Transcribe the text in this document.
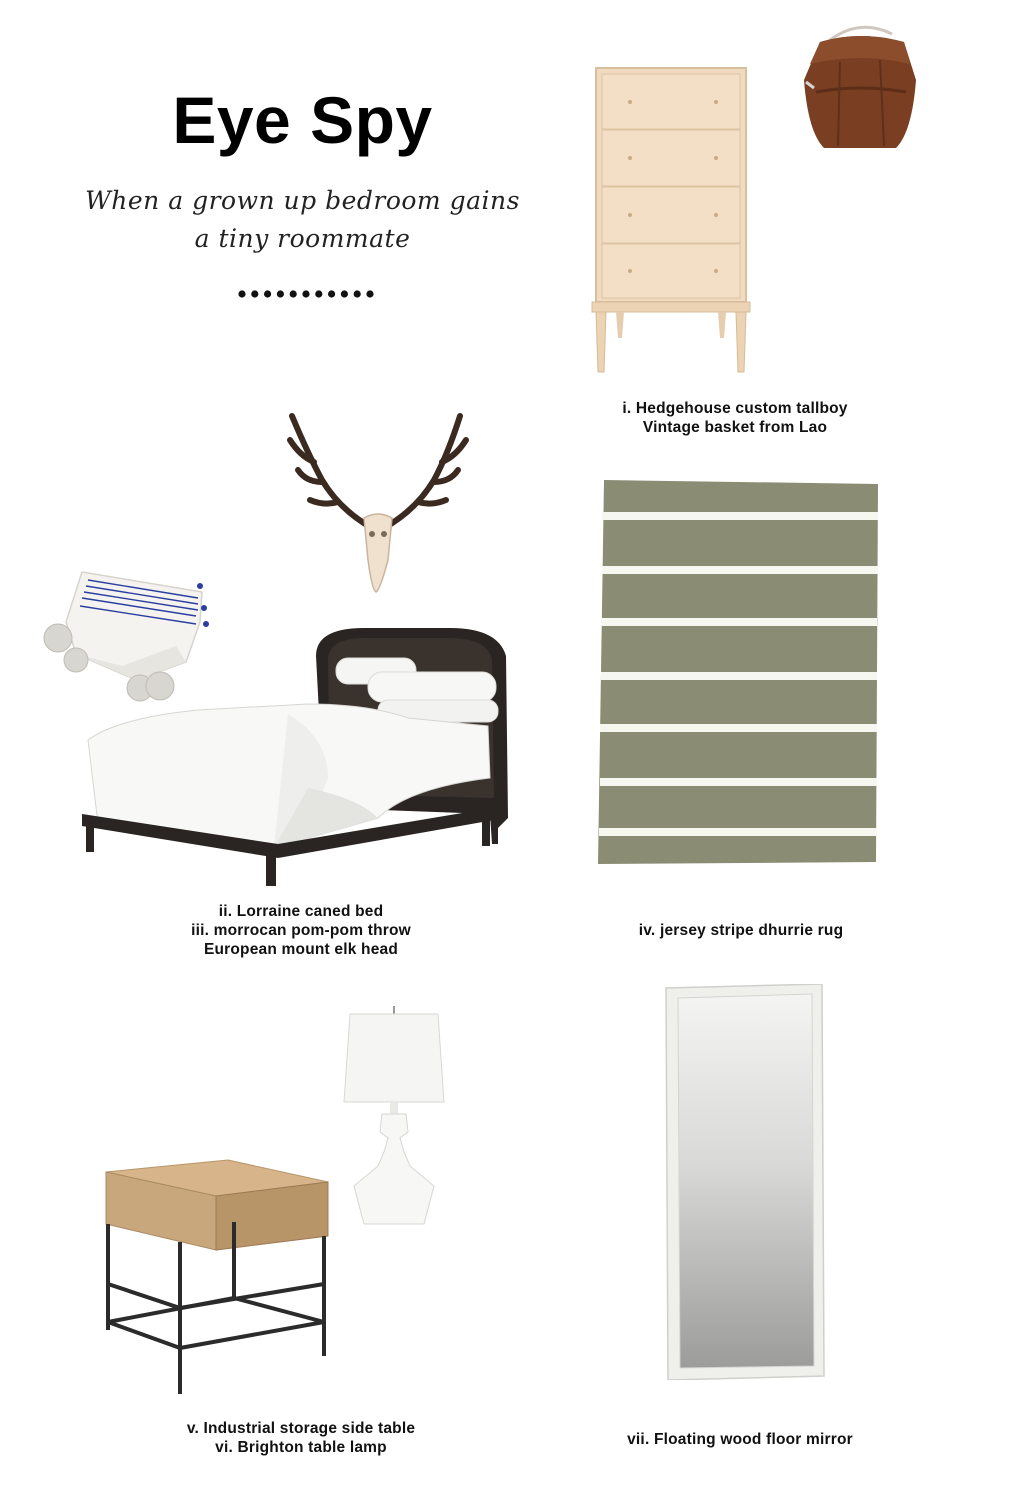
Eye Spy
When a grown up bedroom gains a tiny roommate
i. Hedgehouse custom tallboy
Vintage basket from Lao
ii. Lorraine caned bed
iii. morrocan pom-pom throw
European mount elk head
iv. jersey stripe dhurrie rug
v. Industrial storage side table
vi. Brighton table lamp	vii. Floating wood floor mirror
